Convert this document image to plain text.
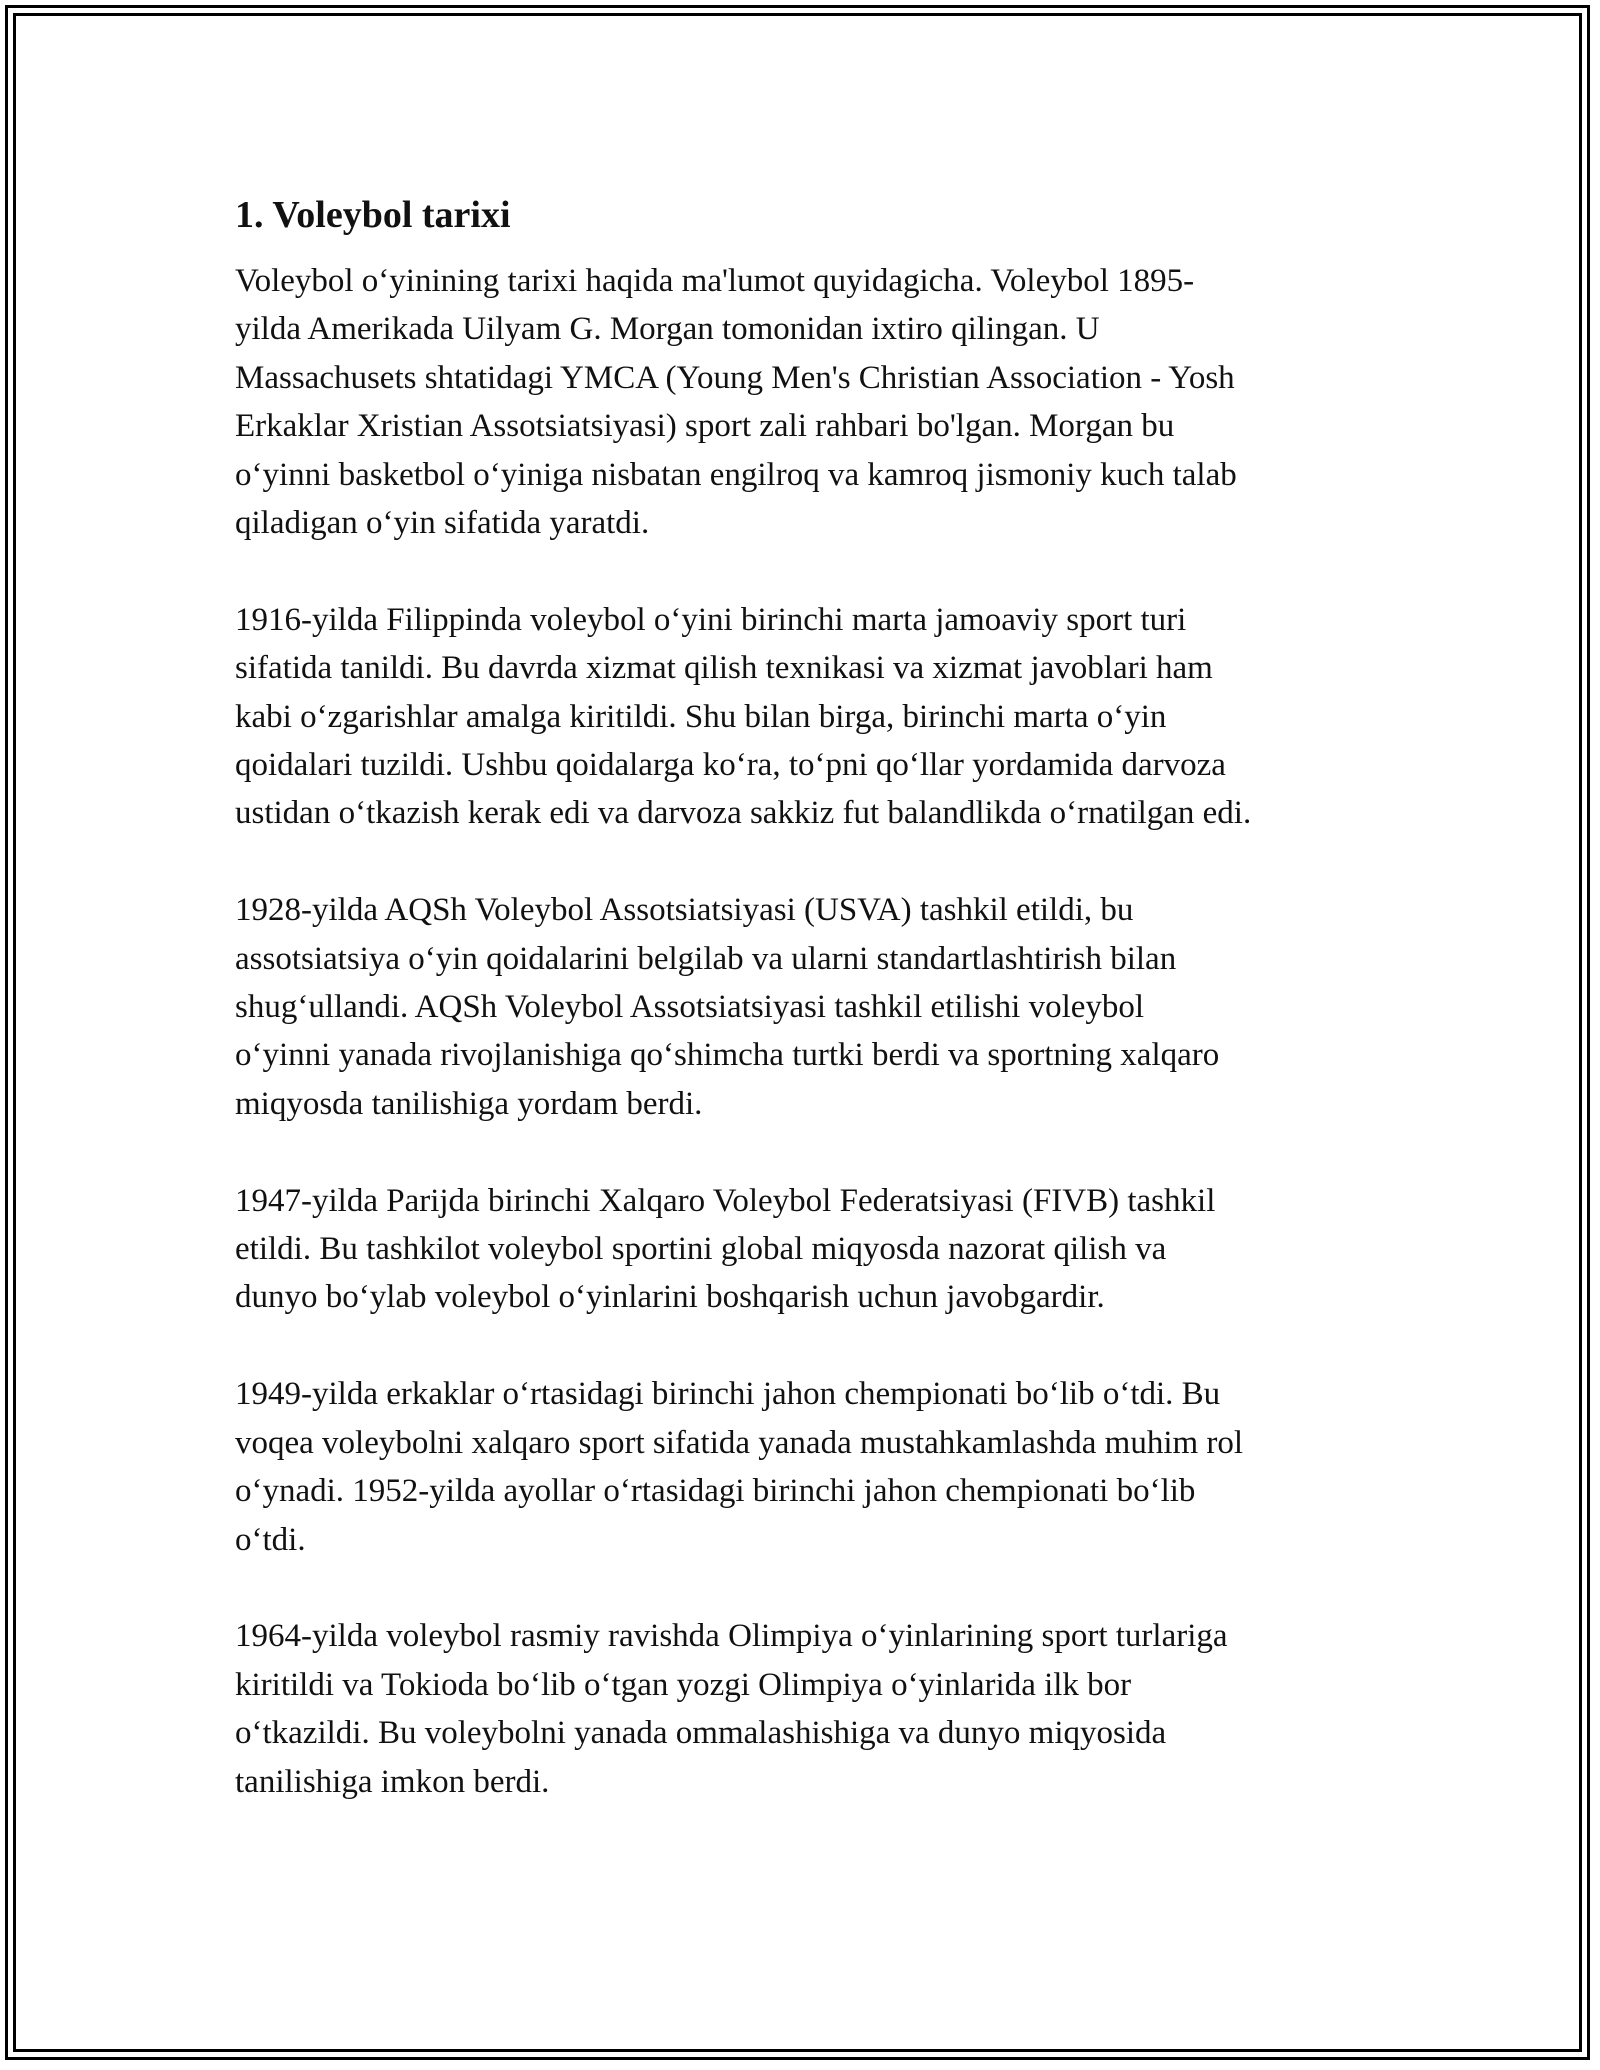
1. Voleybol tarixi
Voleybol o‘yinining tarixi haqida ma'lumot quyidagicha. Voleybol 1895-
yilda Amerikada Uilyam G. Morgan tomonidan ixtiro qilingan. U
Massachusets shtatidagi YMCA (Young Men's Christian Association - Yosh
Erkaklar Xristian Assotsiatsiyasi) sport zali rahbari bo'lgan. Morgan bu
o‘yinni basketbol o‘yiniga nisbatan engilroq va kamroq jismoniy kuch talab
qiladigan o‘yin sifatida yaratdi.
1916-yilda Filippinda voleybol o‘yini birinchi marta jamoaviy sport turi
sifatida tanildi. Bu davrda xizmat qilish texnikasi va xizmat javoblari ham
kabi o‘zgarishlar amalga kiritildi. Shu bilan birga, birinchi marta o‘yin
qoidalari tuzildi. Ushbu qoidalarga ko‘ra, to‘pni qo‘llar yordamida darvoza
ustidan o‘tkazish kerak edi va darvoza sakkiz fut balandlikda o‘rnatilgan edi.
1928-yilda AQSh Voleybol Assotsiatsiyasi (USVA) tashkil etildi, bu
assotsiatsiya o‘yin qoidalarini belgilab va ularni standartlashtirish bilan
shug‘ullandi. AQSh Voleybol Assotsiatsiyasi tashkil etilishi voleybol
o‘yinni yanada rivojlanishiga qo‘shimcha turtki berdi va sportning xalqaro
miqyosda tanilishiga yordam berdi.
1947-yilda Parijda birinchi Xalqaro Voleybol Federatsiyasi (FIVB) tashkil
etildi. Bu tashkilot voleybol sportini global miqyosda nazorat qilish va
dunyo bo‘ylab voleybol o‘yinlarini boshqarish uchun javobgardir.
1949-yilda erkaklar o‘rtasidagi birinchi jahon chempionati bo‘lib o‘tdi. Bu
voqea voleybolni xalqaro sport sifatida yanada mustahkamlashda muhim rol
o‘ynadi. 1952-yilda ayollar o‘rtasidagi birinchi jahon chempionati bo‘lib
o‘tdi.
1964-yilda voleybol rasmiy ravishda Olimpiya o‘yinlarining sport turlariga
kiritildi va Tokioda bo‘lib o‘tgan yozgi Olimpiya o‘yinlarida ilk bor
o‘tkazildi. Bu voleybolni yanada ommalashishiga va dunyo miqyosida
tanilishiga imkon berdi.
